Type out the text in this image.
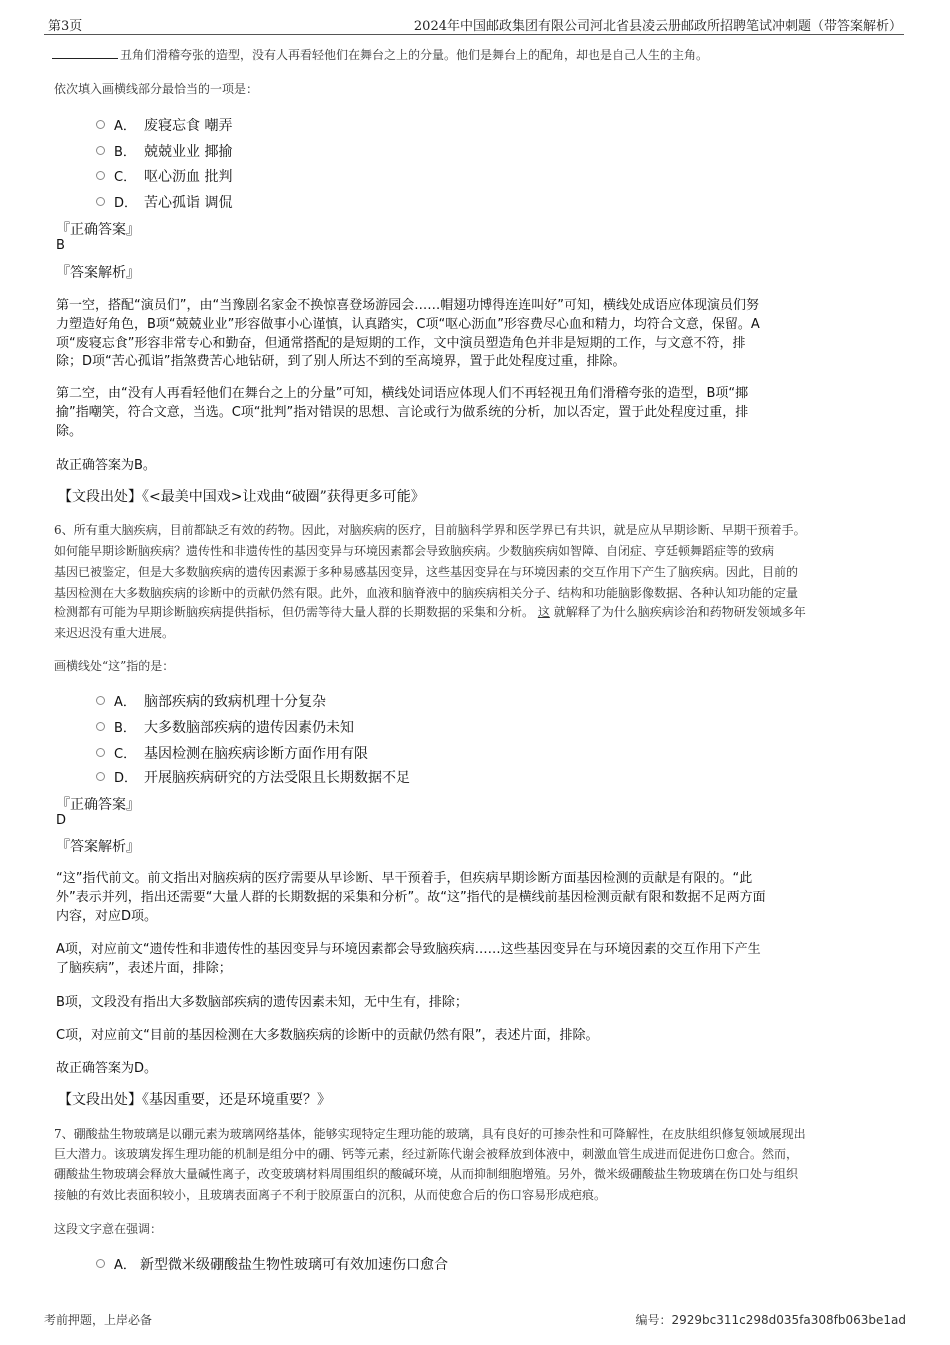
第3页	2024年中国邮政集团有限公司河北省县凌云册邮政所招聘笔试冲刺题（带答案解析）

丑角们滑稽夸张的造型，没有人再看轻他们在舞台之上的分量。他们是舞台上的配角，却也是自己人生的主角。

依次填入画横线部分最恰当的一项是：

A． 废寝忘食 嘲弄
B． 兢兢业业 揶揄
C． 呕心沥血 批判
D． 苦心孤诣 调侃

『正确答案』

B

『答案解析』

第一空，搭配“演员们”，由“当豫剧名家金不换惊喜登场游园会……帽翅功博得连连叫好”可知，横线处成语应体现演员们努

力塑造好角色，B项“兢兢业业”形容做事小心谨慎，认真踏实，C项“呕心沥血”形容费尽心血和精力，均符合文意，保留。A

项“废寝忘食”形容非常专心和勤奋，但通常搭配的是短期的工作，文中演员塑造角色并非是短期的工作，与文意不符，排

除；D项“苦心孤诣”指煞费苦心地钻研，到了别人所达不到的至高境界，置于此处程度过重，排除。

第二空，由“没有人再看轻他们在舞台之上的分量”可知，横线处词语应体现人们不再轻视丑角们滑稽夸张的造型，B项“揶

揄”指嘲笑，符合文意，当选。C项“批判”指对错误的思想、言论或行为做系统的分析，加以否定，置于此处程度过重，排

除。

故正确答案为B。

【文段出处】《<最美中国戏>让戏曲“破圈”获得更多可能》

6、所有重大脑疾病，目前都缺乏有效的药物。因此，对脑疾病的医疗，目前脑科学界和医学界已有共识，就是应从早期诊断、早期干预着手。

如何能早期诊断脑疾病？遗传性和非遗传性的基因变异与环境因素都会导致脑疾病。少数脑疾病如智障、自闭症、亨廷顿舞蹈症等的致病

基因已被鉴定，但是大多数脑疾病的遗传因素源于多种易感基因变异，这些基因变异在与环境因素的交互作用下产生了脑疾病。因此，目前的

基因检测在大多数脑疾病的诊断中的贡献仍然有限。此外，血液和脑脊液中的脑疾病相关分子、结构和功能脑影像数据、各种认知功能的定量

检测都有可能为早期诊断脑疾病提供指标，但仍需等待大量人群的长期数据的采集和分析。 这 就解释了为什么脑疾病诊治和药物研发领域多年

来迟迟没有重大进展。

画横线处“这”指的是：

A． 脑部疾病的致病机理十分复杂
B． 大多数脑部疾病的遗传因素仍未知
C． 基因检测在脑疾病诊断方面作用有限
D． 开展脑疾病研究的方法受限且长期数据不足

『正确答案』

D

『答案解析』

“这”指代前文。前文指出对脑疾病的医疗需要从早诊断、早干预着手，但疾病早期诊断方面基因检测的贡献是有限的。“此

外”表示并列，指出还需要“大量人群的长期数据的采集和分析”。故“这”指代的是横线前基因检测贡献有限和数据不足两方面

内容，对应D项。

A项，对应前文“遗传性和非遗传性的基因变异与环境因素都会导致脑疾病……这些基因变异在与环境因素的交互作用下产生

了脑疾病”，表述片面，排除；

B项，文段没有指出大多数脑部疾病的遗传因素未知，无中生有，排除；

C项，对应前文“目前的基因检测在大多数脑疾病的诊断中的贡献仍然有限”，表述片面，排除。

故正确答案为D。

【文段出处】《基因重要，还是环境重要？》

7、硼酸盐生物玻璃是以硼元素为玻璃网络基体，能够实现特定生理功能的玻璃，具有良好的可掺杂性和可降解性，在皮肤组织修复领域展现出

巨大潜力。该玻璃发挥生理功能的机制是组分中的硼、钙等元素，经过新陈代谢会被释放到体液中，刺激血管生成进而促进伤口愈合。然而，

硼酸盐生物玻璃会释放大量碱性离子，改变玻璃材料周围组织的酸碱环境，从而抑制细胞增殖。另外，微米级硼酸盐生物玻璃在伤口处与组织

接触的有效比表面积较小，且玻璃表面离子不利于胶原蛋白的沉积，从而使愈合后的伤口容易形成疤痕。

这段文字意在强调：

A． 新型微米级硼酸盐生物性玻璃可有效加速伤口愈合
考前押题，上岸必备	编号：2929bc311c298d035fa308fb063be1ad
